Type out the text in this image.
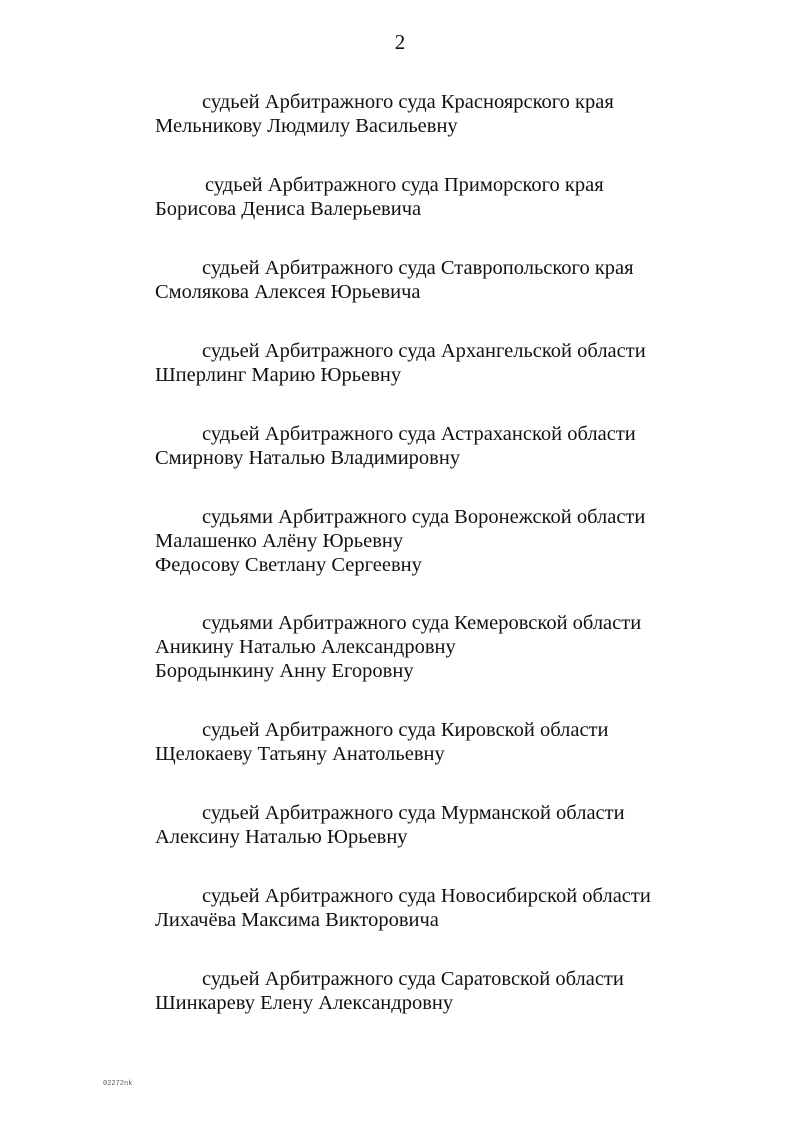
2
судьей Арбитражного суда Красноярского края
Мельникову Людмилу Васильевну
судьей Арбитражного суда Приморского края
Борисова Дениса Валерьевича
судьей Арбитражного суда Ставропольского края
Смолякова Алексея Юрьевича
судьей Арбитражного суда Архангельской области
Шперлинг Марию Юрьевну
судьей Арбитражного суда Астраханской области
Смирнову Наталью Владимировну
судьями Арбитражного суда Воронежской области
Малашенко Алёну Юрьевну
Федосову Светлану Сергеевну
судьями Арбитражного суда Кемеровской области
Аникину Наталью Александровну
Бородынкину Анну Егоровну
судьей Арбитражного суда Кировской области
Щелокаеву Татьяну Анатольевну
судьей Арбитражного суда Мурманской области
Алексину Наталью Юрьевну
судьей Арбитражного суда Новосибирской области
Лихачёва Максима Викторовича
судьей Арбитражного суда Саратовской области
Шинкареву Елену Александровну
02272nk
